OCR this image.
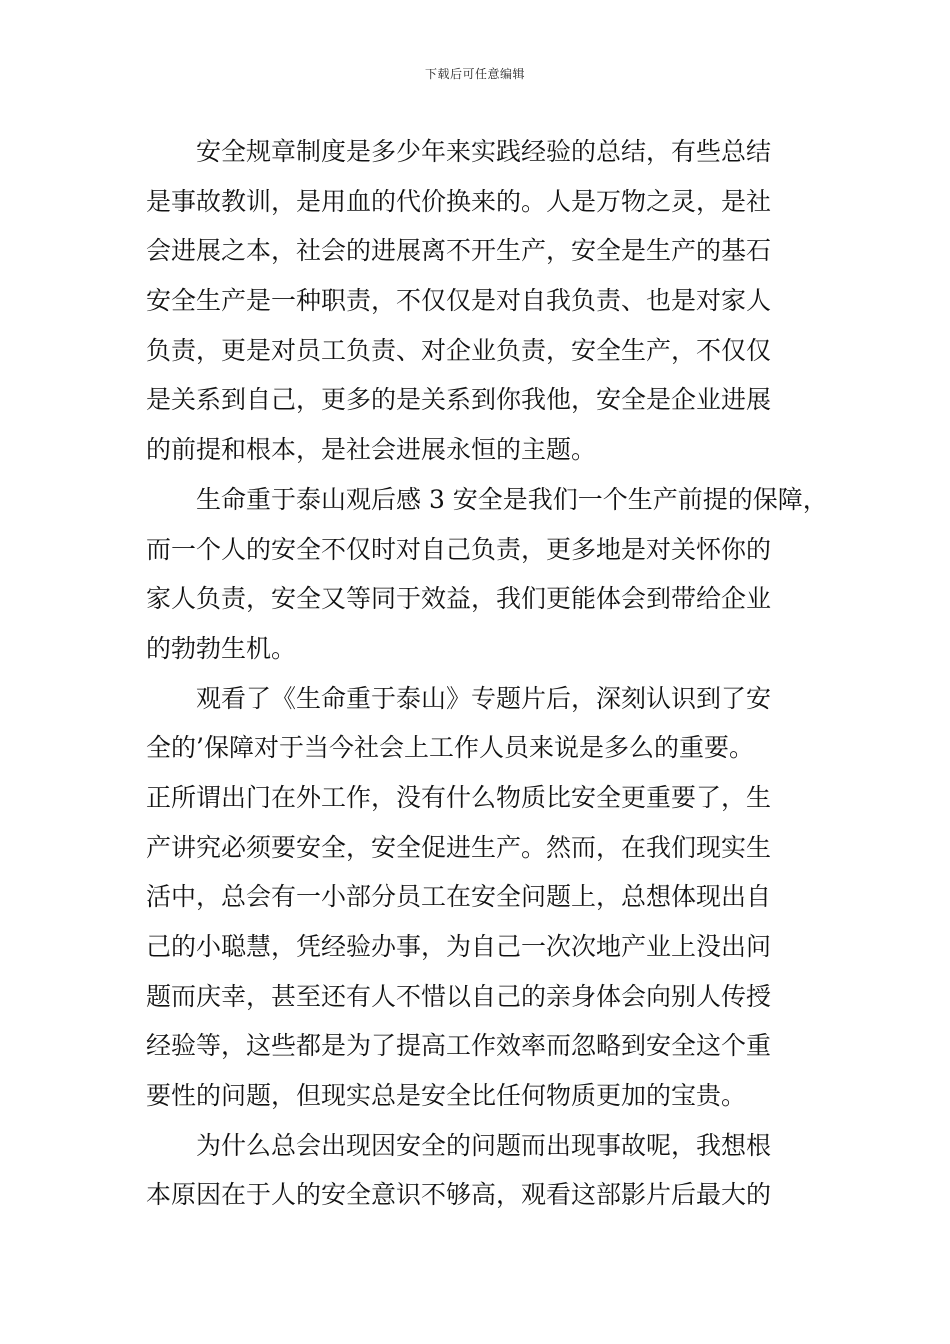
下载后可任意编辑
安全规章制度是多少年来实践经验的总结，有些总结
是事故教训，是用血的代价换来的。人是万物之灵，是社
会进展之本，社会的进展离不开生产，安全是生产的基石
安全生产是一种职责，不仅仅是对自我负责、也是对家人
负责，更是对员工负责、对企业负责，安全生产，不仅仅
是关系到自己，更多的是关系到你我他，安全是企业进展
的前提和根本，是社会进展永恒的主题。
生命重于泰山观后感 3 安全是我们一个生产前提的保障，
而一个人的安全不仅时对自己负责，更多地是对关怀你的
家人负责，安全又等同于效益，我们更能体会到带给企业
的勃勃生机。
观看了《生命重于泰山》专题片后，深刻认识到了安
全的’保障对于当今社会上工作人员来说是多么的重要。
正所谓出门在外工作，没有什么物质比安全更重要了，生
产讲究必须要安全，安全促进生产。然而，在我们现实生
活中，总会有一小部分员工在安全问题上，总想体现出自
己的小聪慧，凭经验办事，为自己一次次地产业上没出问
题而庆幸，甚至还有人不惜以自己的亲身体会向别人传授
经验等，这些都是为了提高工作效率而忽略到安全这个重
要性的问题，但现实总是安全比任何物质更加的宝贵。
为什么总会出现因安全的问题而出现事故呢，我想根
本原因在于人的安全意识不够高，观看这部影片后最大的
